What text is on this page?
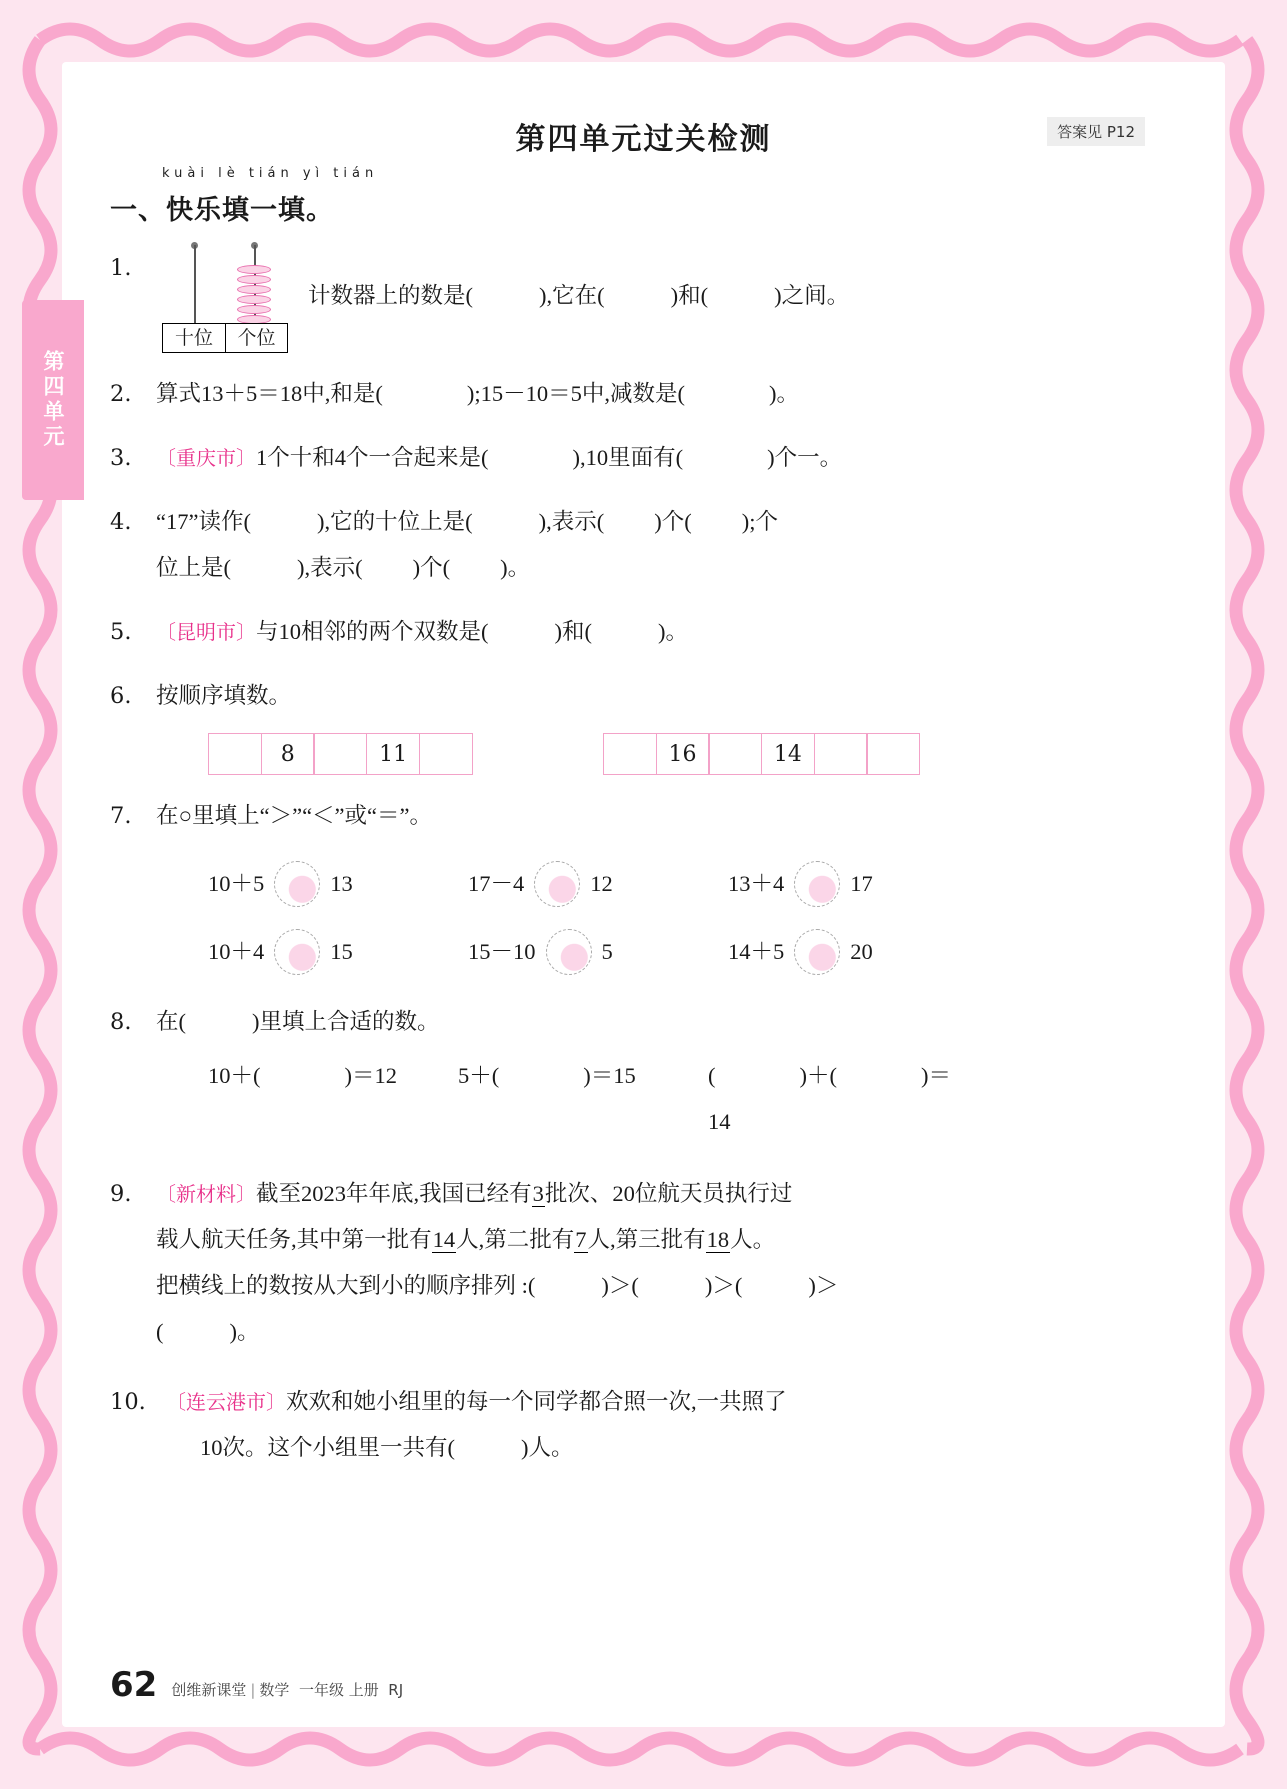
第四单元
第四单元过关检测	答案见 P12
kuài lè tián yì tián
一、快乐填一填。
1.
十位	个位
计数器上的数是(	),它在(	)和(	)之间。
2.	算式13＋5＝18中,和是(	);15－10＝5中,减数是(	)。
3.	〔重庆市〕1个十和4个一合起来是(	),10里面有(	)个一。
4.	“17”读作(	),它的十位上是(	),表示( )个( );个
位上是(	),表示( )个( )。
5.	〔昆明市〕与10相邻的两个双数是(	)和(	)。
6.	按顺序填数。
8	11	16	14
7.	在○里填上“＞”“＜”或“＝”。
10＋5	13	17－4	12	13＋4	17
10＋4	15	15－10	5	14＋5	20
8.	在(	)里填上合适的数。
10＋(	)＝12	5＋(	)＝15	(	)＋(	)＝14
9.	〔新材料〕截至2023年年底,我国已经有3批次、20位航天员执行过
载人航天任务,其中第一批有14人,第二批有7人,第三批有18人。
把横线上的数按从大到小的顺序排列 :(	)＞(	)＞(	)＞
(	)。
10.	〔连云港市〕欢欢和她小组里的每一个同学都合照一次,一共照了
10次。这个小组里一共有(	)人。
62 创维新课堂 | 数学 一年级 上册 RJ
